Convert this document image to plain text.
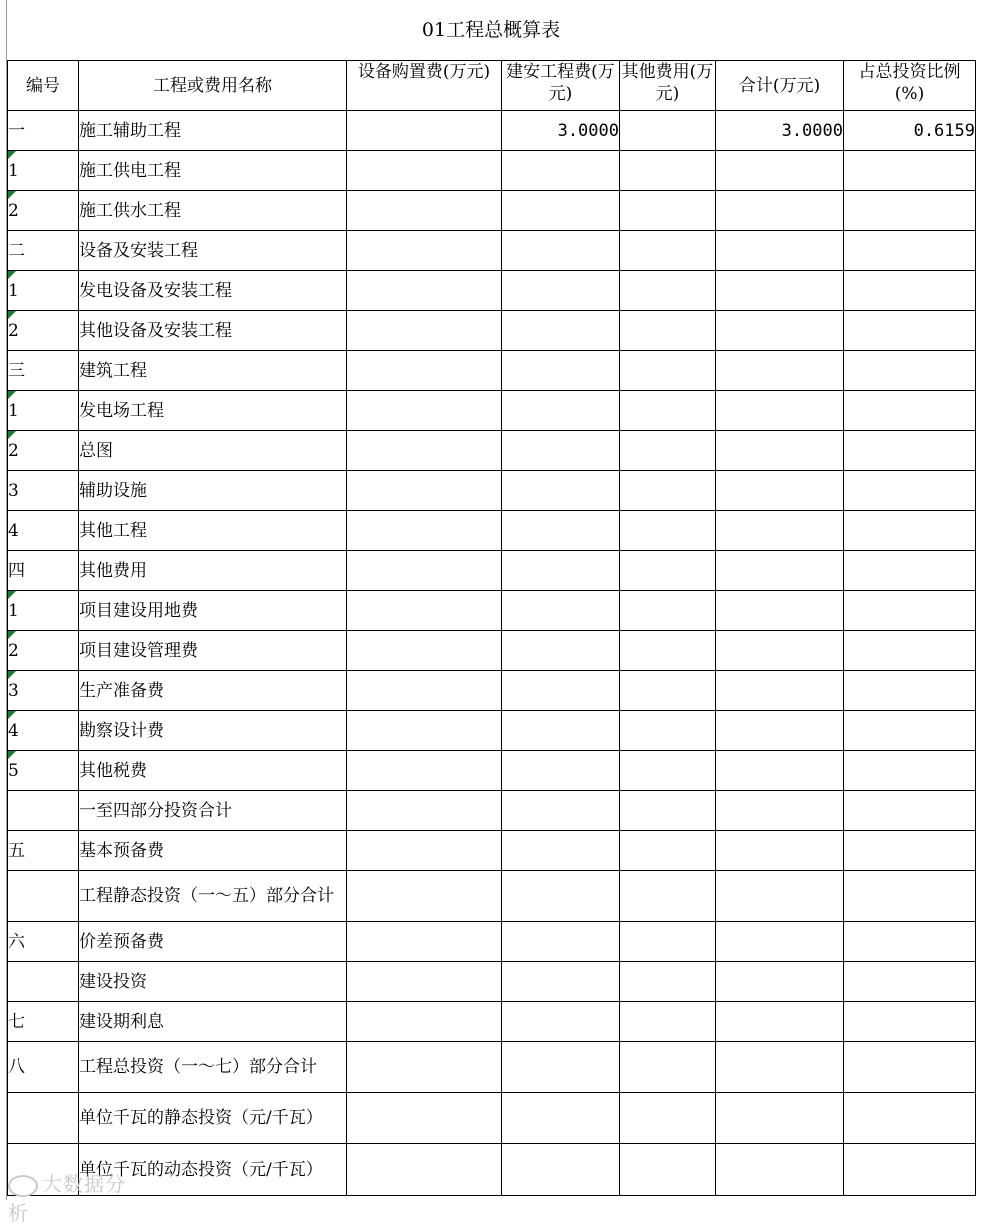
01工程总概算表
编号	工程或费用名称	设备购置费(万元)	建安工程费(万元)	其他费用(万元)	合计(万元)	占总投资比例(%)
一	施工辅助工程		3.0000		3.0000	0.6159

1	施工供电工程					

2	施工供水工程					
二	设备及安装工程					

1	发电设备及安装工程					

2	其他设备及安装工程					
三	建筑工程					

1	发电场工程					

2	总图					
3	辅助设施					
4	其他工程					
四	其他费用					

1	项目建设用地费					

2	项目建设管理费					

3	生产准备费					

4	勘察设计费					

5	其他税费					
	一至四部分投资合计					
五	基本预备费					
	工程静态投资（一～五）部分合计					
六	价差预备费					
	建设投资					
七	建设期利息					
八	工程总投资（一～七）部分合计					
	单位千瓦的静态投资（元/千瓦）					
	单位千瓦的动态投资（元/千瓦）					
大数据分析
